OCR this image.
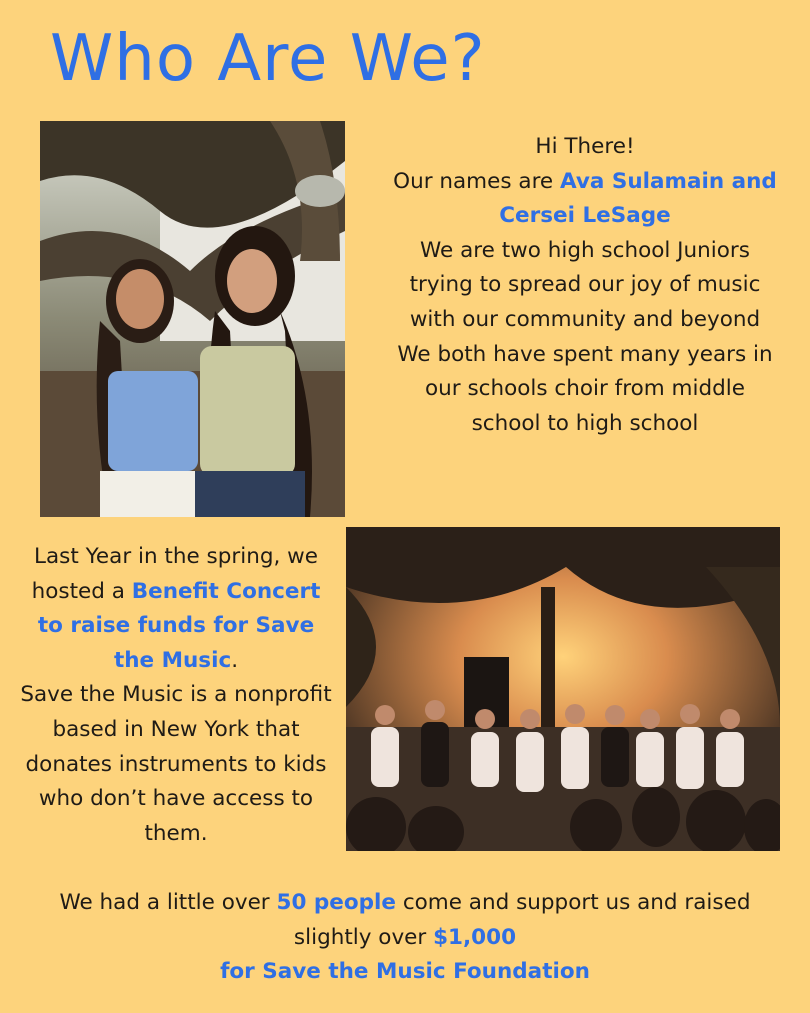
Who Are We?

Hi There!

Our names are Ava Sulamain and Cersei LeSage

We are two high school Juniors trying to spread our joy of music with our community and beyond We both have spent many years in our schools choir from middle school to high school

Last Year in the spring, we hosted a Benefit Concert to raise funds for Save the Music.

Save the Music is a nonprofit based in New York that donates instruments to kids who don’t have access to them.

We had a little over 50 people come and support us and raised slightly over $1,000

for Save the Music Foundation
